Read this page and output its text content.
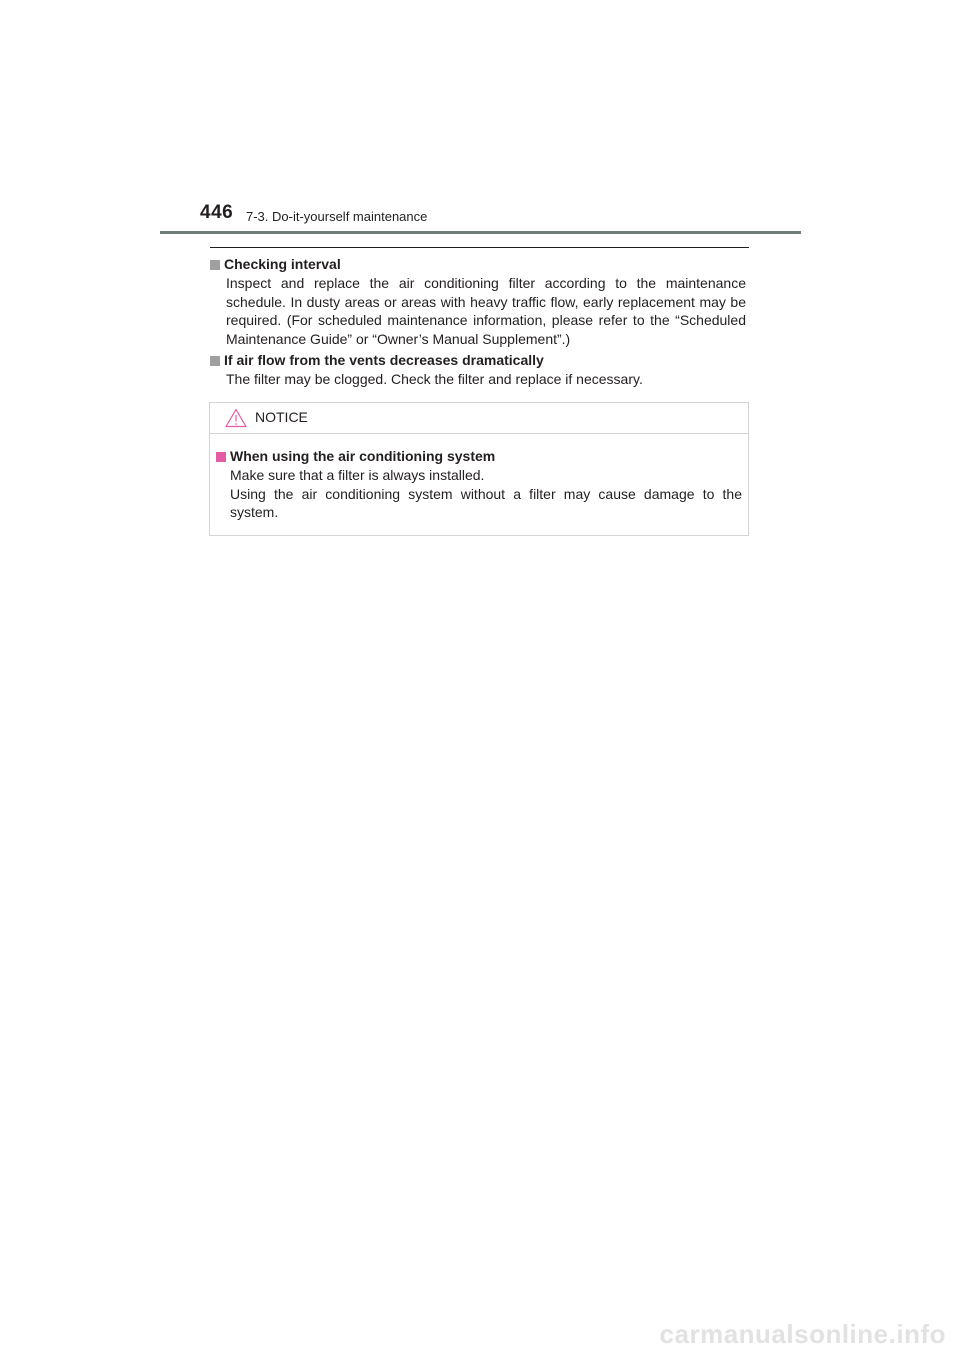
446 7-3. Do-it-yourself maintenance
Checking interval
Inspect and replace the air conditioning filter according to the maintenance schedule. In dusty areas or areas with heavy traffic flow, early replacement may be required. (For scheduled maintenance information, please refer to the “Scheduled Maintenance Guide” or “Owner’s Manual Supplement”.)
If air flow from the vents decreases dramatically
The filter may be clogged. Check the filter and replace if necessary.
NOTICE
When using the air conditioning system

Make sure that a filter is always installed.

Using the air conditioning system without a filter may cause damage to the system.

carmanualsonline.info
